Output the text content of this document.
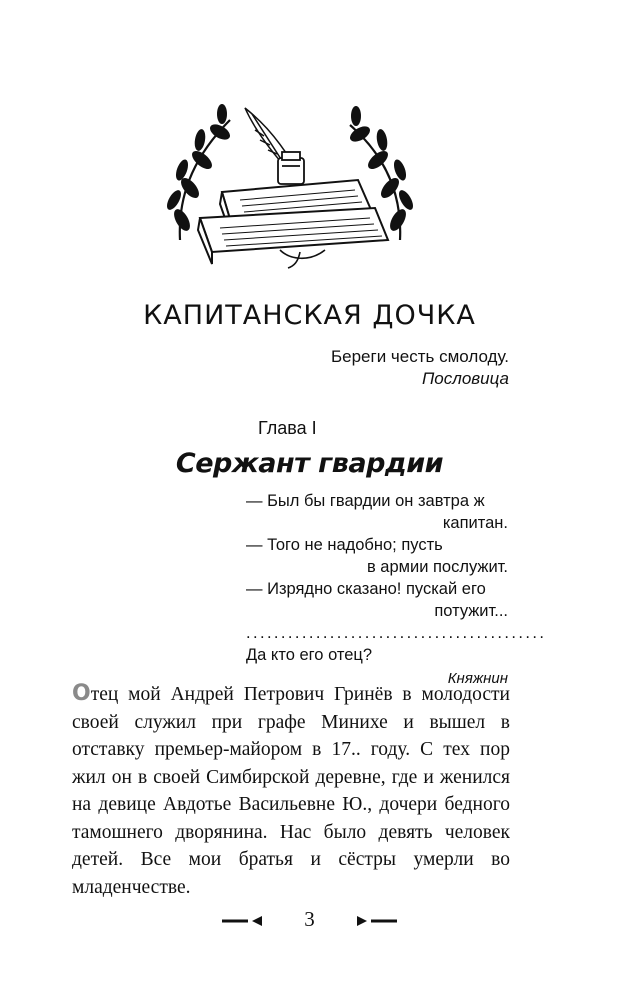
КАПИТАНСКАЯ ДОЧКА
Береги честь смолоду.
Пословица
Глава I
Сержант гвардии
— Был бы гвардии он завтра ж
капитан.
— Того не надобно; пусть
в армии послужит.
— Изрядно сказано! пускай его
потужит...
...........................................
Да кто его отец?
Княжнин
Отец мой Андрей Петрович Гринёв в молодости своей служил при графе Минихе и вышел в отставку премьер-майором в 17.. году. С тех пор жил он в своей Симбирской деревне, где и женился на девице Авдотье Васильевне Ю., дочери бедного тамошнего дворянина. Нас было девять человек детей. Все мои братья и сёстры умерли во младенчестве.
3
